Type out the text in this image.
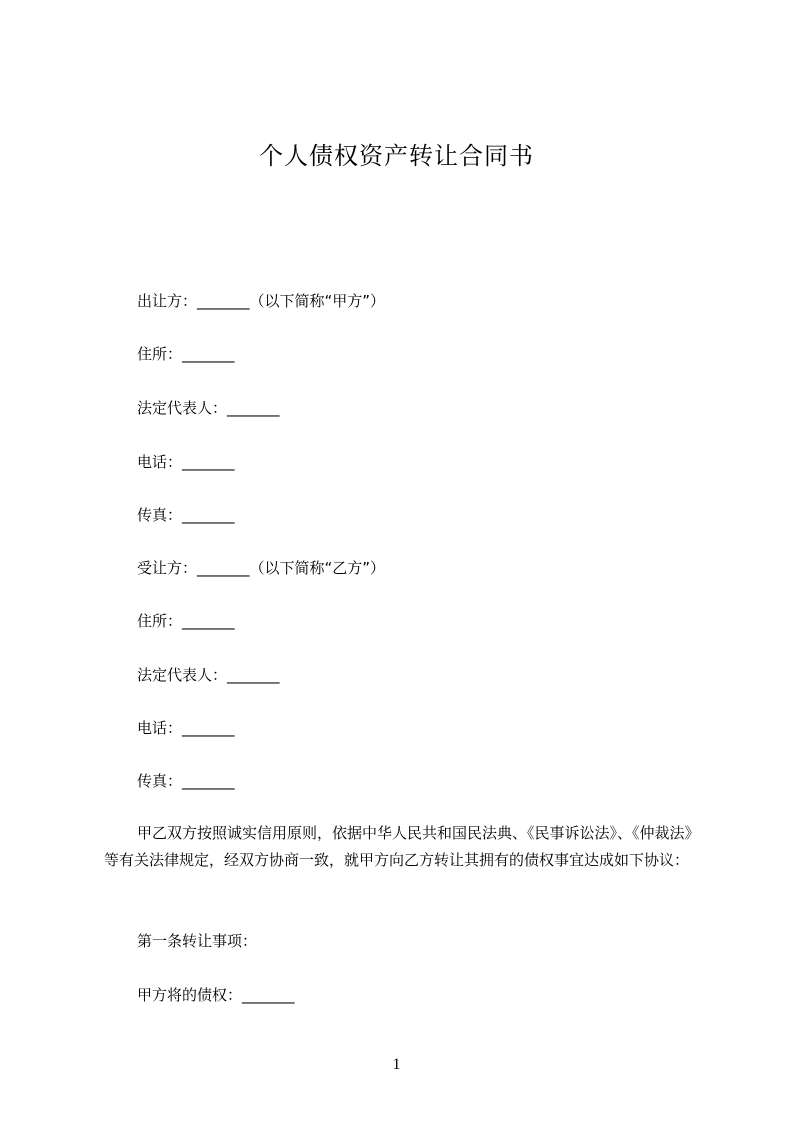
个人债权资产转让合同书
出让方：_______（以下简称“甲方”）
住所：_______
法定代表人：_______
电话：_______
传真：_______
受让方：_______（以下简称“乙方”）
住所：_______
法定代表人：_______
电话：_______
传真：_______
甲乙双方按照诚实信用原则，依据中华人民共和国民法典、《民事诉讼法》、《仲裁法》等有关法律规定，经双方协商一致，就甲方向乙方转让其拥有的债权事宜达成如下协议：
第一条转让事项：
甲方将的债权：_______
1
